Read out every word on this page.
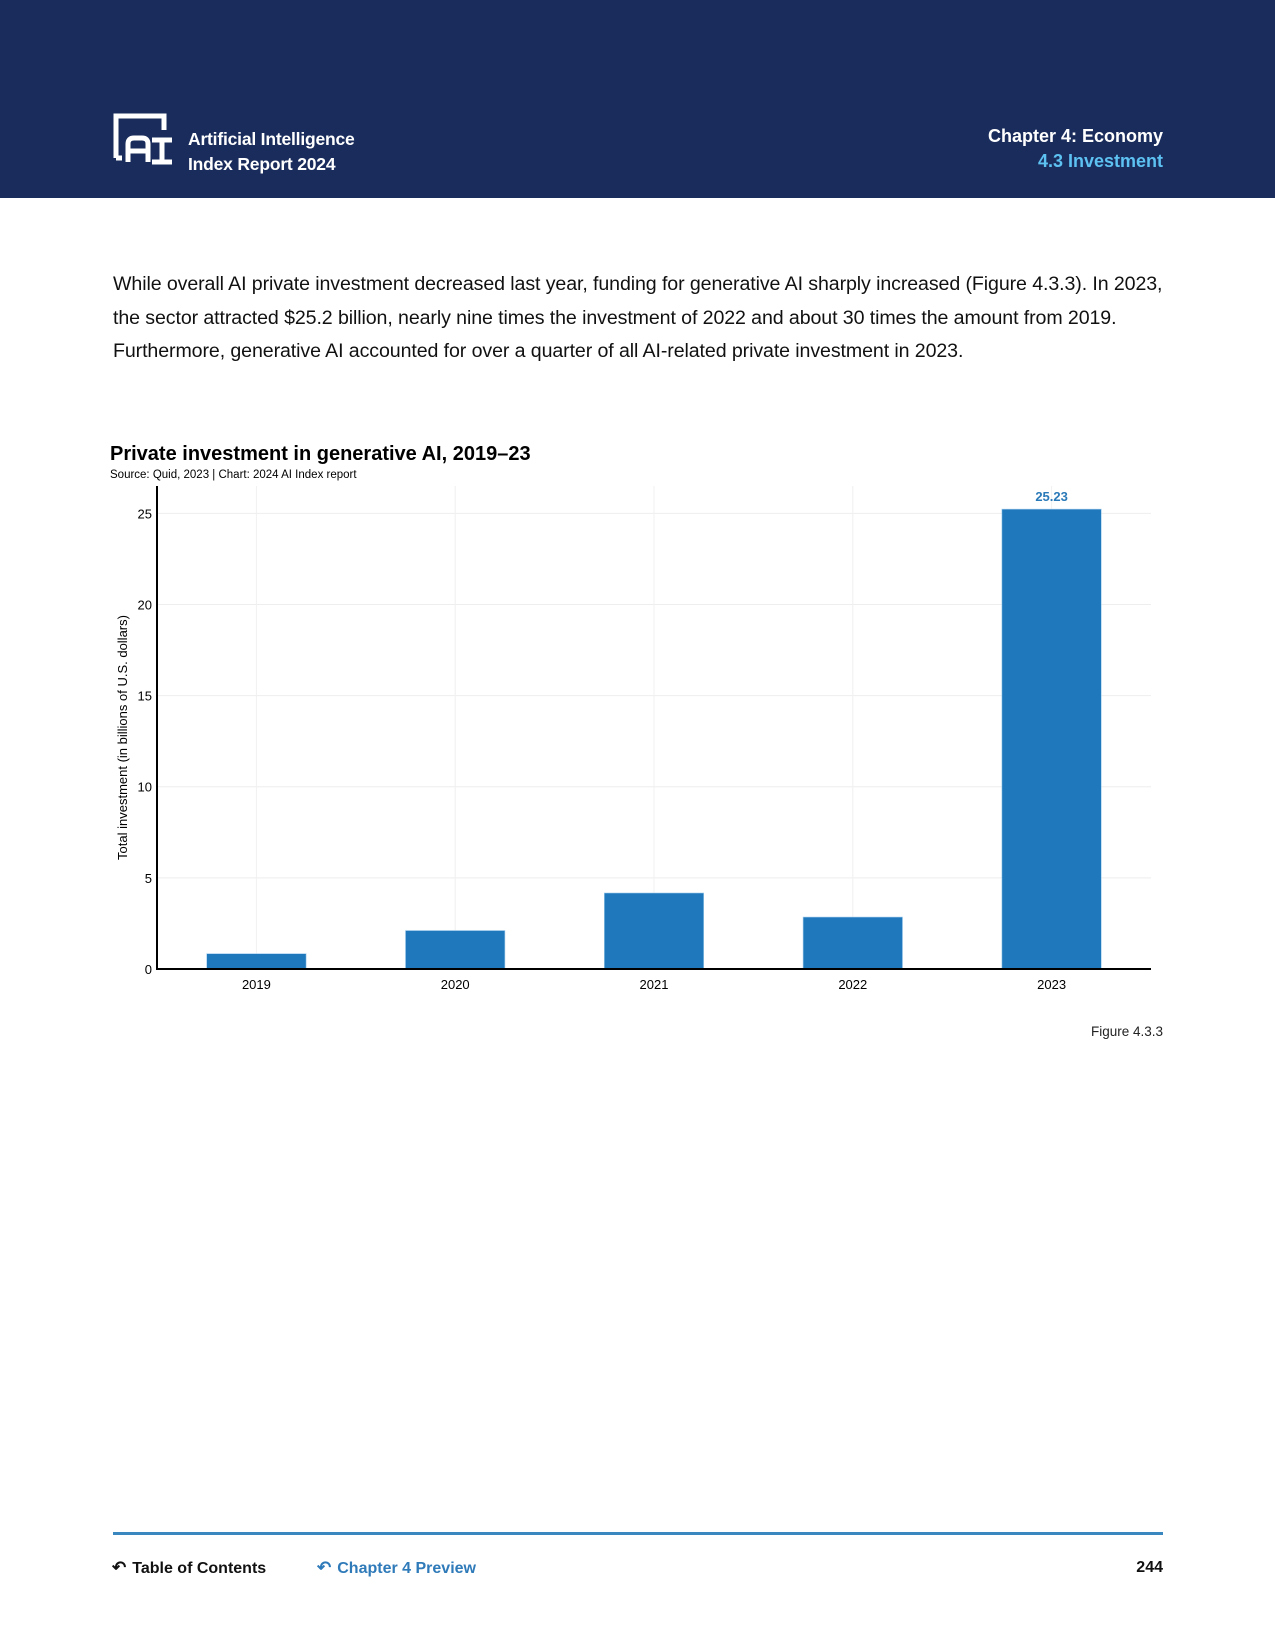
Artificial Intelligence
Index Report 2024
Chapter 4: Economy
4.3 Investment
While overall AI private investment decreased last year, funding for generative AI sharply increased (Figure 4.3.3). In 2023, the sector attracted $25.2 billion, nearly nine times the investment of 2022 and about 30 times the amount from 2019. Furthermore, generative AI accounted for over a quarter of all AI-related private investment in 2023.
Private investment in generative AI, 2019–23
Source: Quid, 2023 | Chart: 2024 AI Index report
25.23
0
5
10
15
20
25
2019	2020	2021	2022	2023
Total investment (in billions of U.S. dollars)
Figure 4.3.3
↶ Table of Contents	↶ Chapter 4 Preview	244
